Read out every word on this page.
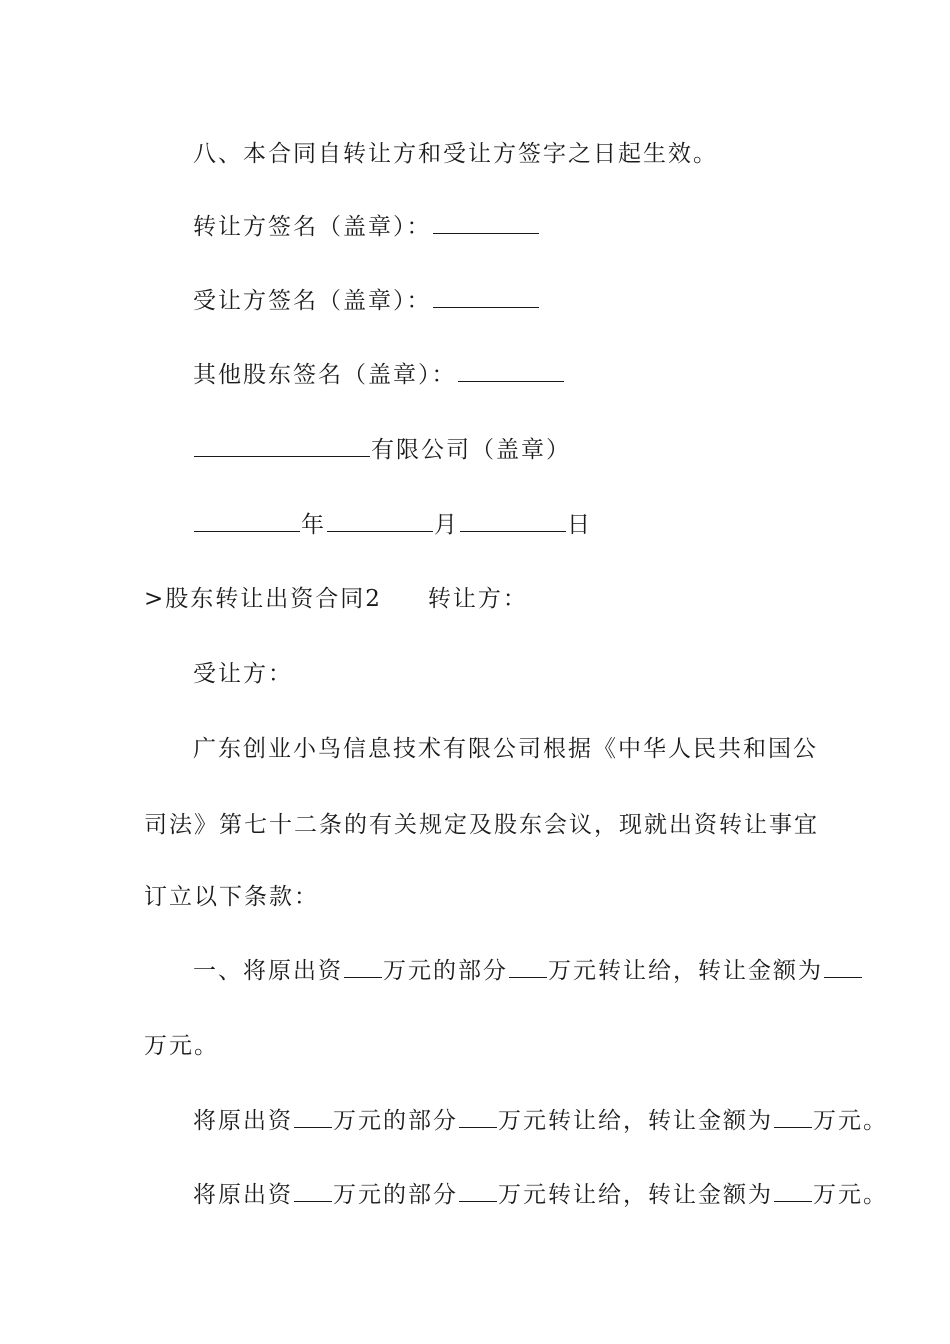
八、本合同自转让方和受让方签字之日起生效。
转让方签名（盖章）：
受让方签名（盖章）：
其他股东签名（盖章）：
有限公司（盖章）
年	月	日
>股东转让出资合同2 转让方：
受让方：
广东创业小鸟信息技术有限公司根据《中华人民共和国公
司法》第七十二条的有关规定及股东会议，现就出资转让事宜
订立以下条款：
一、将原出资 万元的部分 万元转让给，转让金额为
万元。
将原出资 万元的部分 万元转让给，转让金额为 万元。
将原出资 万元的部分 万元转让给，转让金额为 万元。
